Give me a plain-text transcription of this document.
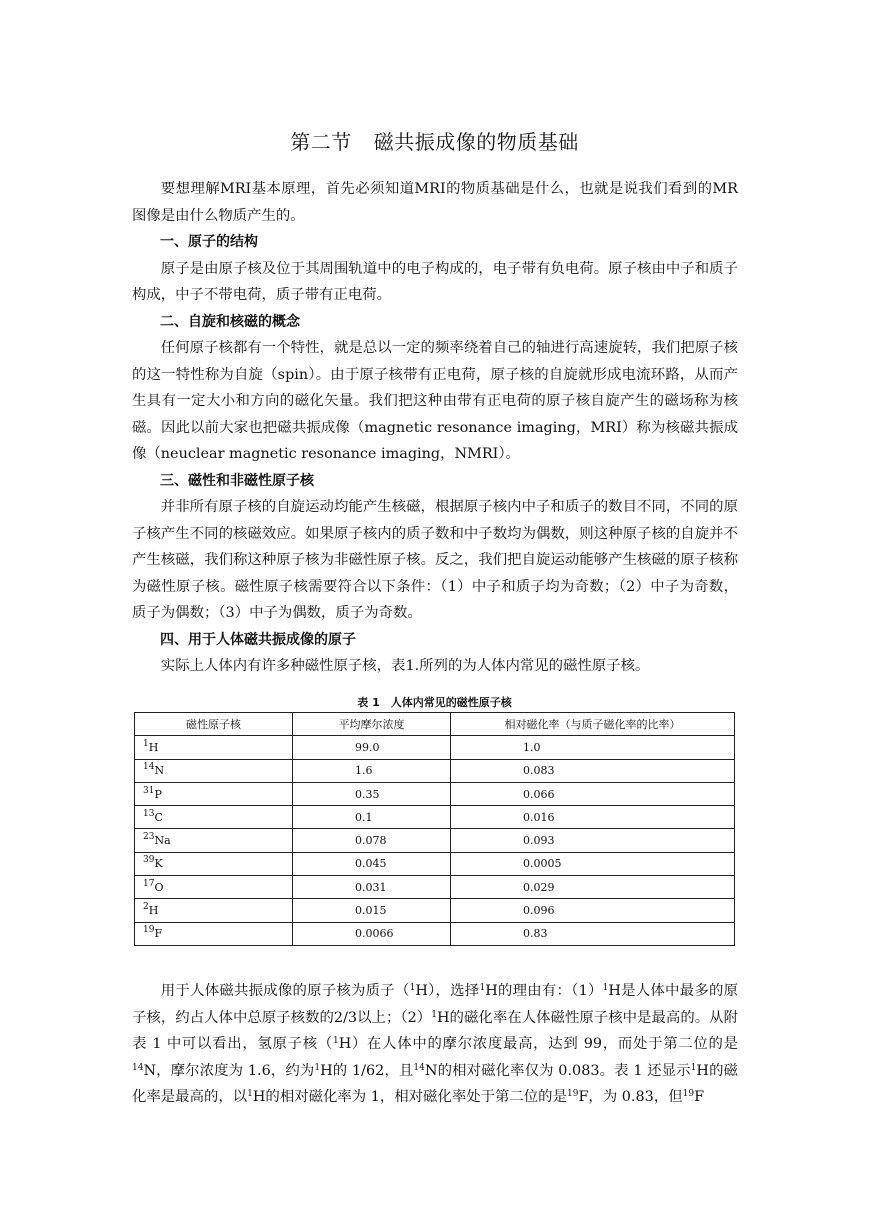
第二节 磁共振成像的物质基础

要想理解MRI基本原理，首先必须知道MRI的物质基础是什么，也就是说我们看到的MR图像是由什么物质产生的。

一、原子的结构

原子是由原子核及位于其周围轨道中的电子构成的，电子带有负电荷。原子核由中子和质子构成，中子不带电荷，质子带有正电荷。

二、自旋和核磁的概念

任何原子核都有一个特性，就是总以一定的频率绕着自己的轴进行高速旋转，我们把原子核的这一特性称为自旋（spin）。由于原子核带有正电荷，原子核的自旋就形成电流环路，从而产生具有一定大小和方向的磁化矢量。我们把这种由带有正电荷的原子核自旋产生的磁场称为核磁。因此以前大家也把磁共振成像（magnetic resonance imaging，MRI）称为核磁共振成像（neuclear magnetic resonance imaging，NMRI）。

三、磁性和非磁性原子核

并非所有原子核的自旋运动均能产生核磁，根据原子核内中子和质子的数目不同，不同的原子核产生不同的核磁效应。如果原子核内的质子数和中子数均为偶数，则这种原子核的自旋并不产生核磁，我们称这种原子核为非磁性原子核。反之，我们把自旋运动能够产生核磁的原子核称为磁性原子核。磁性原子核需要符合以下条件：（1）中子和质子均为奇数；（2）中子为奇数，质子为偶数；（3）中子为偶数，质子为奇数。

四、用于人体磁共振成像的原子

实际上人体内有许多种磁性原子核，表1.所列的为人体内常见的磁性原子核。

表 1　人体内常见的磁性原子核
磁性原子核	平均摩尔浓度	相对磁化率（与质子磁化率的比率）
$^1$H	99.0	1.0
$^{14}$N	1.6	0.083
$^{31}$P	0.35	0.066
$^{13}$C	0.1	0.016
$^{23}$Na	0.078	0.093
$^{39}$K	0.045	0.0005
$^{17}$O	0.031	0.029
$^2$H	0.015	0.096
$^{19}$F	0.0066	0.83

用于人体磁共振成像的原子核为质子（$^1$H），选择$^1$H的理由有：$(1)^1H$是人体中最多的原子核，约占人体中总原子核数的2/3以上；$(2)^1H$的磁化率在人体磁性原子核中是最高的。从附表 1 中可以看出，氢原子核（$^1$H）在人体中的摩尔浓度最高，达到 99，而处于第二位的是$^{14}$N，摩尔浓度为 1.6，约为$^1$H的 1/62，且$^{14}$N的相对磁化率仅为 0.083。表 1 还显示$^1$H的磁化率是最高的，以$^1$H的相对磁化率为 1，相对磁化率处于第二位的是$^{19}$F，为 0.83，但$^{19}$F
